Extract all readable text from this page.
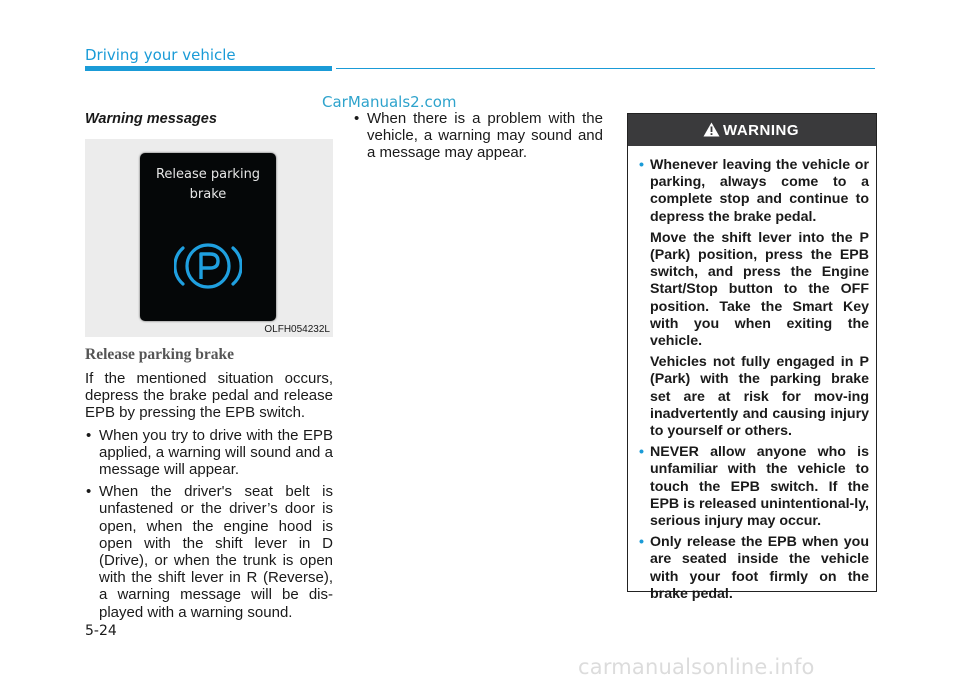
Driving your vehicle
CarManuals2.com
Warning messages
Release parking
brake
OLFH054232L
Release parking brake

If the mentioned situation occurs, depress the brake pedal and release EPB by pressing the EPB switch.

• When you try to drive with the EPB applied, a warning will sound and a message will appear.
• When the driver's seat belt is unfastened or the driver’s door is open, when the engine hood is open with the shift lever in D (Drive), or when the trunk is open with the shift lever in R (Reverse), a warning message will be dis-played with a warning sound.
• When there is a problem with the vehicle, a warning may sound and a message may appear.
WARNING
• Whenever leaving the vehicle or parking, always come to a complete stop and continue to depress the brake pedal.

Move the shift lever into the P (Park) position, press the EPB switch, and press the Engine Start/Stop button to the OFF position. Take the Smart Key with you when exiting the vehicle.

Vehicles not fully engaged in P (Park) with the parking brake set are at risk for mov-ing inadvertently and causing injury to yourself or others.

• NEVER allow anyone who is unfamiliar with the vehicle to touch the EPB switch. If the EPB is released unintentional-ly, serious injury may occur.

• Only release the EPB when you are seated inside the vehicle with your foot firmly on the brake pedal.

5-24
carmanualsonline.info
